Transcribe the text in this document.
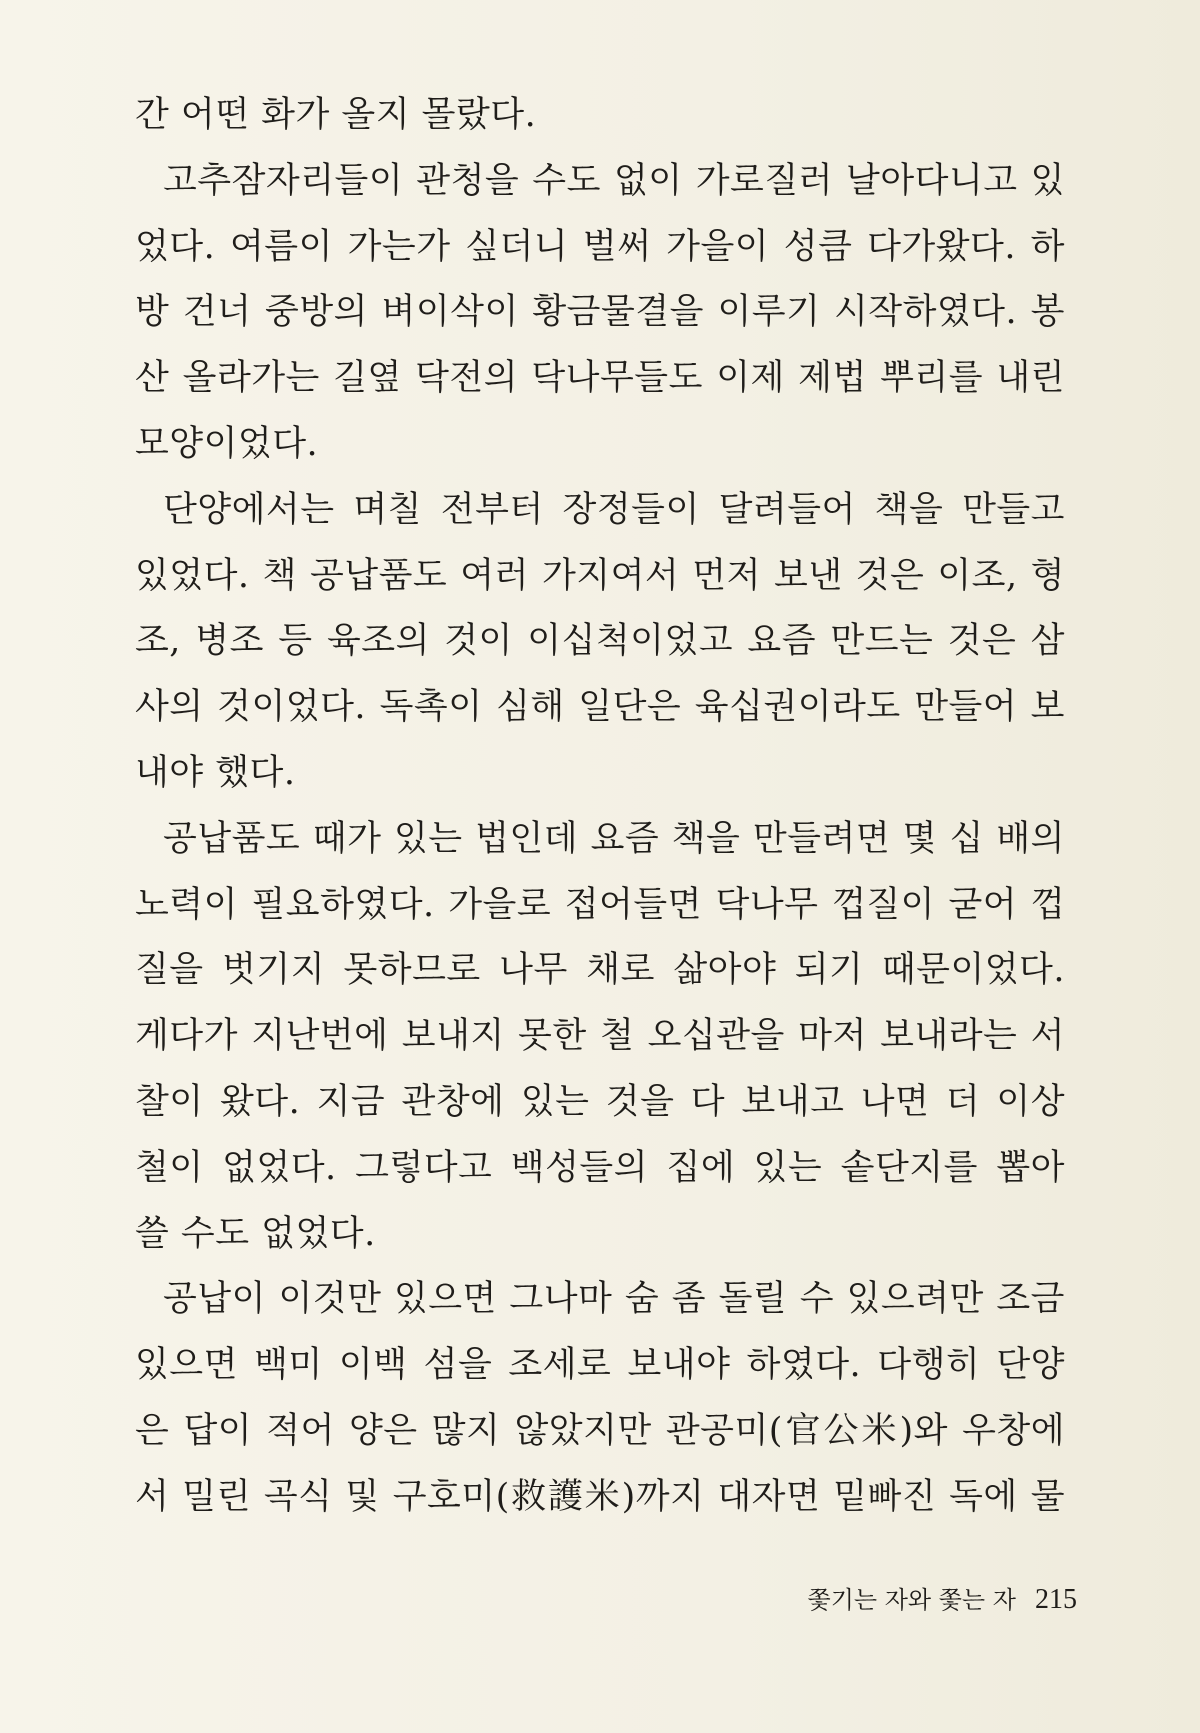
간 어떤 화가 올지 몰랐다.
고추잠자리들이 관청을 수도 없이 가로질러 날아다니고 있
었다. 여름이 가는가 싶더니 벌써 가을이 성큼 다가왔다. 하
방 건너 중방의 벼이삭이 황금물결을 이루기 시작하였다. 봉
산 올라가는 길옆 닥전의 닥나무들도 이제 제법 뿌리를 내린
모양이었다.
단양에서는 며칠 전부터 장정들이 달려들어 책을 만들고
있었다. 책 공납품도 여러 가지여서 먼저 보낸 것은 이조, 형
조, 병조 등 육조의 것이 이십척이었고 요즘 만드는 것은 삼
사의 것이었다. 독촉이 심해 일단은 육십권이라도 만들어 보
내야 했다.
공납품도 때가 있는 법인데 요즘 책을 만들려면 몇 십 배의
노력이 필요하였다. 가을로 접어들면 닥나무 껍질이 굳어 껍
질을 벗기지 못하므로 나무 채로 삶아야 되기 때문이었다.
게다가 지난번에 보내지 못한 철 오십관을 마저 보내라는 서
찰이 왔다. 지금 관창에 있는 것을 다 보내고 나면 더 이상
철이 없었다. 그렇다고 백성들의 집에 있는 솥단지를 뽑아
쓸 수도 없었다.
공납이 이것만 있으면 그나마 숨 좀 돌릴 수 있으려만 조금
있으면 백미 이백 섬을 조세로 보내야 하였다. 다행히 단양
은 답이 적어 양은 많지 않았지만 관공미(官公米)와 우창에
서 밀린 곡식 및 구호미(救護米)까지 대자면 밑빠진 독에 물
쫓기는 자와 쫓는 자 215
